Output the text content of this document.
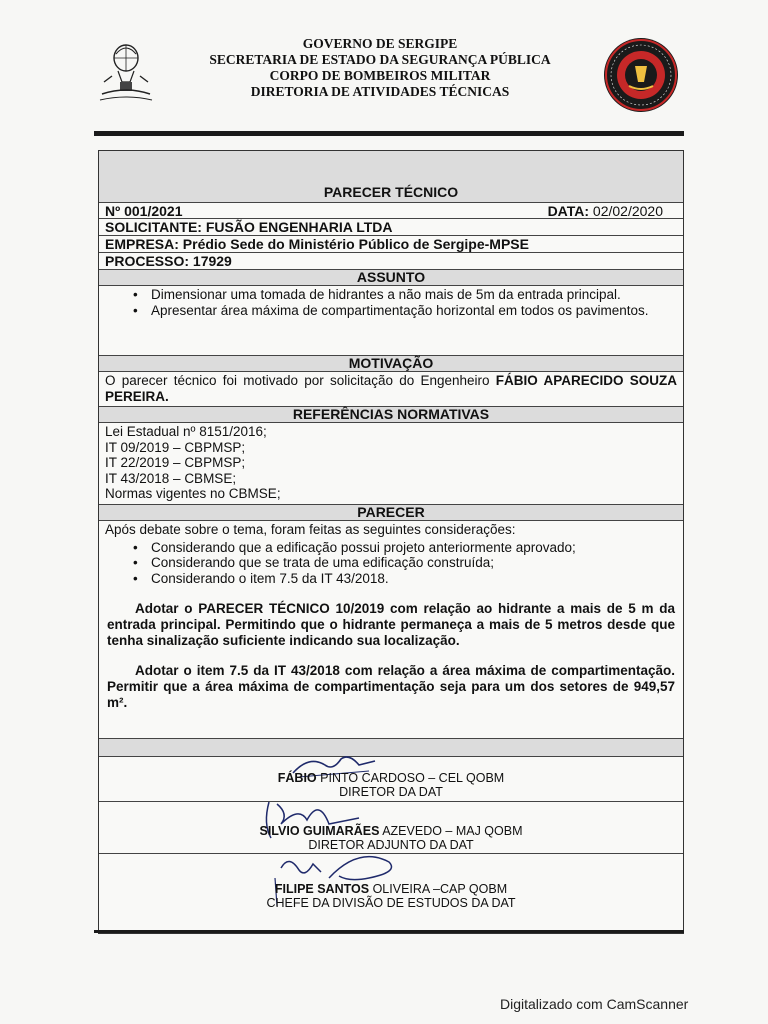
GOVERNO DE SERGIPE
SECRETARIA DE ESTADO DA SEGURANÇA PÚBLICA
CORPO DE BOMBEIROS MILITAR
DIRETORIA DE ATIVIDADES TÉCNICAS
PARECER TÉCNICO
Nº 001/2021	DATA: 02/02/2020
SOLICITANTE: FUSÃO ENGENHARIA LTDA
EMPRESA: Prédio Sede do Ministério Público de Sergipe-MPSE
PROCESSO: 17929
ASSUNTO
• Dimensionar uma tomada de hidrantes a não mais de 5m da entrada principal.
• Apresentar área máxima de compartimentação horizontal em todos os pavimentos.
MOTIVAÇÃO
O parecer técnico foi motivado por solicitação do Engenheiro FÁBIO APARECIDO SOUZA PEREIRA.
REFERÊNCIAS NORMATIVAS
Lei Estadual nº 8151/2016;
IT 09/2019 – CBPMSP;
IT 22/2019 – CBPMSP;
IT 43/2018 – CBMSE;
Normas vigentes no CBMSE;
PARECER
Após debate sobre o tema, foram feitas as seguintes considerações:
• Considerando que a edificação possui projeto anteriormente aprovado;
• Considerando que se trata de uma edificação construída;
• Considerando o item 7.5 da IT 43/2018.

Adotar o PARECER TÉCNICO 10/2019 com relação ao hidrante a mais de 5 m da entrada principal. Permitindo que o hidrante permaneça a mais de 5 metros desde que tenha sinalização suficiente indicando sua localização.

Adotar o item 7.5 da IT 43/2018 com relação a área máxima de compartimentação. Permitir que a área máxima de compartimentação seja para um dos setores de 949,57 m².

FÁBIO PINTO CARDOSO – CEL QOBM
DIRETOR DA DAT
SILVIO GUIMARÃES AZEVEDO – MAJ QOBM
DIRETOR ADJUNTO DA DAT
FILIPE SANTOS OLIVEIRA –CAP QOBM
CHEFE DA DIVISÃO DE ESTUDOS DA DAT
Digitalizado com CamScanner
